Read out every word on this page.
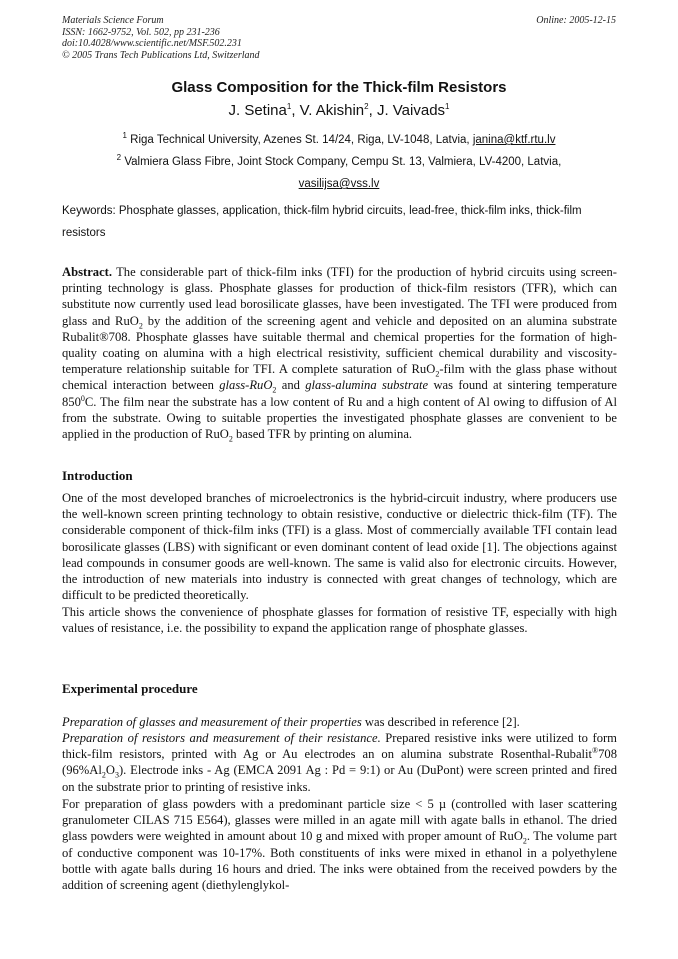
Materials Science Forum
ISSN: 1662-9752, Vol. 502, pp 231-236
doi:10.4028/www.scientific.net/MSF.502.231
© 2005 Trans Tech Publications Ltd, Switzerland
Online: 2005-12-15
Glass Composition for the Thick-film Resistors
J. Setina$^1$, V. Akishin$^2$, J. Vaivads$^1$
$^1$ Riga Technical University, Azenes St. 14/24, Riga, LV-1048, Latvia, janina@ktf.rtu.lv
$^2$ Valmiera Glass Fibre, Joint Stock Company, Cempu St. 13, Valmiera, LV-4200, Latvia,
vasilijsa@vss.lv
Keywords: Phosphate glasses, application, thick-film hybrid circuits, lead-free, thick-film inks, thick-film resistors
Abstract. The considerable part of thick-film inks (TFI) for the production of hybrid circuits using screen-printing technology is glass. Phosphate glasses for production of thick-film resistors (TFR), which can substitute now currently used lead borosilicate glasses, have been investigated. The TFI were produced from glass and RuO$_2$ by the addition of the screening agent and vehicle and deposited on an alumina substrate Rubalit®708. Phosphate glasses have suitable thermal and chemical properties for the formation of high-quality coating on alumina with a high electrical resistivity, sufficient chemical durability and viscosity-temperature relationship suitable for TFI. A complete saturation of RuO$_2$-film with the glass phase without chemical interaction between glass-RuO$_2$ and glass-alumina substrate was found at sintering temperature $850^0C$. The film near the substrate has a low content of Ru and a high content of Al owing to diffusion of Al from the substrate. Owing to suitable properties the investigated phosphate glasses are convenient to be applied in the production of RuO$_2$ based TFR by printing on alumina.
Introduction
One of the most developed branches of microelectronics is the hybrid-circuit industry, where producers use the well-known screen printing technology to obtain resistive, conductive or dielectric thick-film (TF). The considerable component of thick-film inks (TFI) is a glass. Most of commercially available TFI contain lead borosilicate glasses (LBS) with significant or even dominant content of lead oxide [1]. The objections against lead compounds in consumer goods are well-known. The same is valid also for electronic circuits. However, the introduction of new materials into industry is connected with great changes of technology, which are difficult to be predicted theoretically.
This article shows the convenience of phosphate glasses for formation of resistive TF, especially with high values of resistance, i.e. the possibility to expand the application range of phosphate glasses.
Experimental procedure
Preparation of glasses and measurement of their properties was described in reference [2].
Preparation of resistors and measurement of their resistance. Prepared resistive inks were utilized to form thick-film resistors, printed with Ag or Au electrodes an on alumina substrate Rosenthal-Rubalit®708 $(96\%Al_2O_3)$. Electrode inks - Ag (EMCA 2091 Ag : Pd = 9:1) or Au (DuPont) were screen printed and fired on the substrate prior to printing of resistive inks.
For preparation of glass powders with a predominant particle size < 5 µ (controlled with laser scattering granulometer CILAS 715 E564), glasses were milled in an agate mill with agate balls in ethanol. The dried glass powders were weighted in amount about 10 g and mixed with proper amount of RuO$_2$. The volume part of conductive component was 10-17%. Both constituents of inks were mixed in ethanol in a polyethylene bottle with agate balls during 16 hours and dried. The inks were obtained from the received powders by the addition of screening agent (diethylenglykol-
